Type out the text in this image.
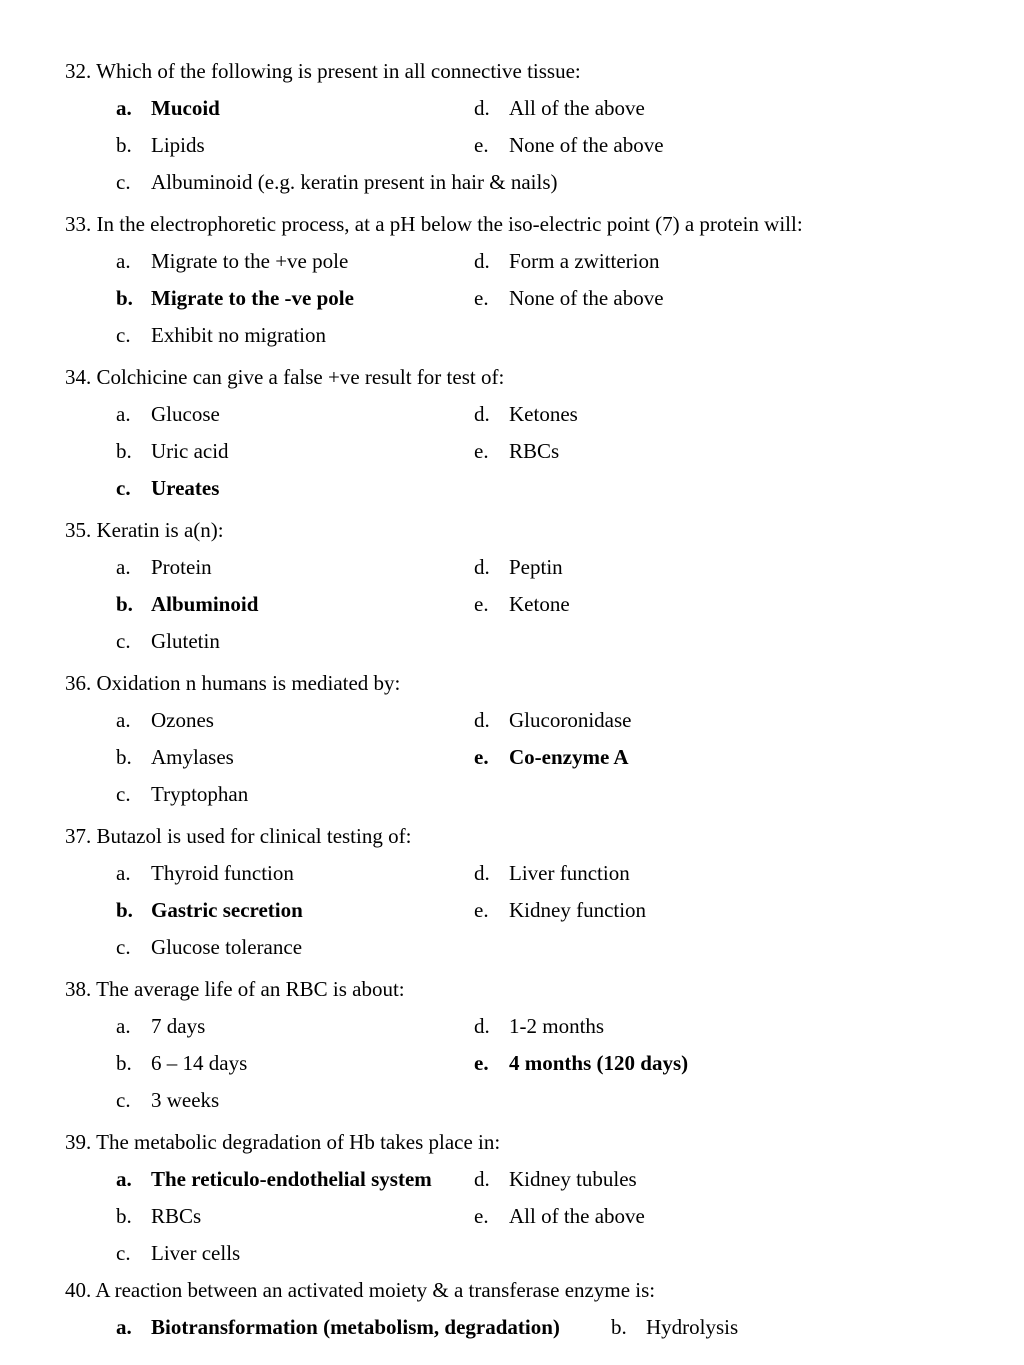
32. Which of the following is present in all connective tissue:
a. Mucoid	d. All of the above
b. Lipids	e. None of the above
c. Albuminoid (e.g. keratin present in hair & nails)
33. In the electrophoretic process, at a pH below the iso-electric point (7) a protein will:
a. Migrate to the +ve pole	d. Form a zwitterion
b. Migrate to the -ve pole	e. None of the above
c. Exhibit no migration
34. Colchicine can give a false +ve result for test of:
a. Glucose	d. Ketones
b. Uric acid	e. RBCs
c. Ureates
35. Keratin is a(n):
a. Protein	d. Peptin
b. Albuminoid	e. Ketone
c. Glutetin
36. Oxidation n humans is mediated by:
a. Ozones	d. Glucoronidase
b. Amylases	e. Co-enzyme A
c. Tryptophan
37. Butazol is used for clinical testing of:
a. Thyroid function	d. Liver function
b. Gastric secretion	e. Kidney function
c. Glucose tolerance
38. The average life of an RBC is about:
a. 7 days	d. 1-2 months
b. 6 – 14 days	e. 4 months (120 days)
c. 3 weeks
39. The metabolic degradation of Hb takes place in:
a. The reticulo-endothelial system d. Kidney tubules
b. RBCs	e. All of the above
c. Liver cells
40. A reaction between an activated moiety & a transferase enzyme is:
a. Biotransformation (metabolism, degradation) b. Hydrolysis
